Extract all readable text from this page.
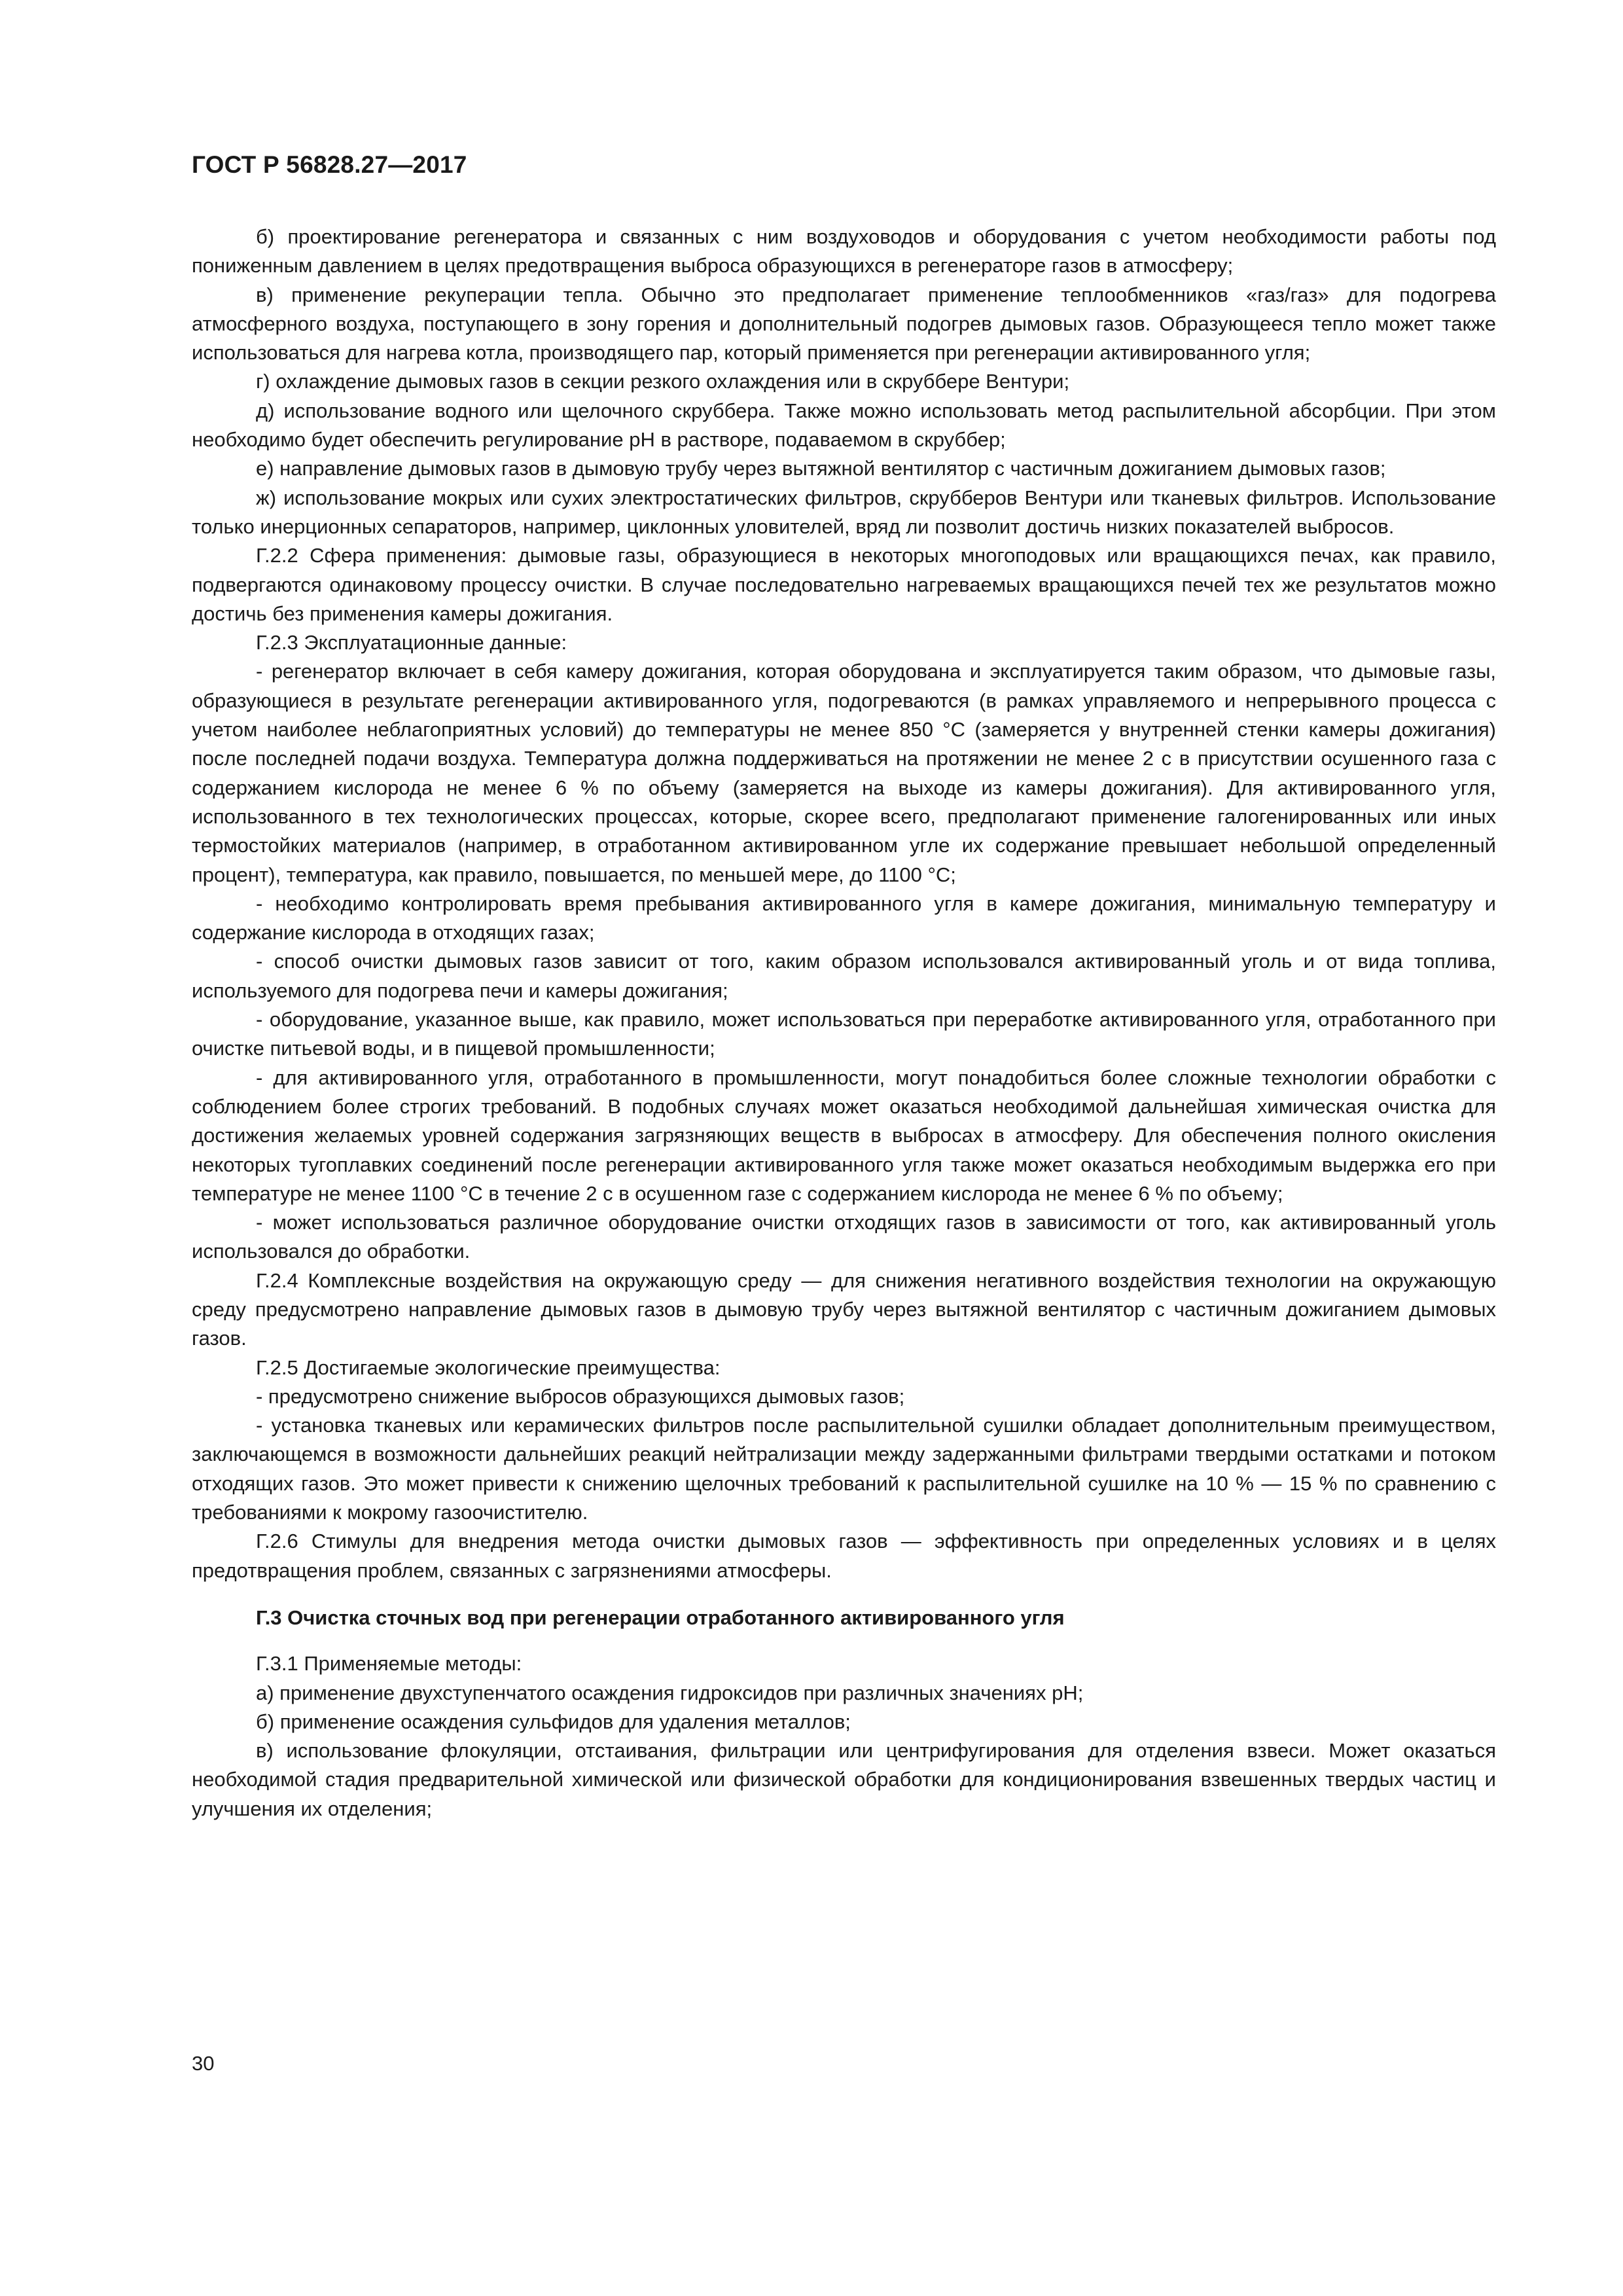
ГОСТ Р 56828.27—2017

б) проектирование регенератора и связанных с ним воздуховодов и оборудования с учетом необходимости работы под пониженным давлением в целях предотвращения выброса образующихся в регенераторе газов в атмосферу;

в) применение рекуперации тепла. Обычно это предполагает применение теплообменников «газ/газ» для подогрева атмосферного воздуха, поступающего в зону горения и дополнительный подогрев дымовых газов. Образующееся тепло может также использоваться для нагрева котла, производящего пар, который применяется при регенерации активированного угля;

г) охлаждение дымовых газов в секции резкого охлаждения или в скруббере Вентури;

д) использование водного или щелочного скруббера. Также можно использовать метод распылительной абсорбции. При этом необходимо будет обеспечить регулирование pH в растворе, подаваемом в скруббер;

е) направление дымовых газов в дымовую трубу через вытяжной вентилятор с частичным дожиганием дымовых газов;

ж) использование мокрых или сухих электростатических фильтров, скрубберов Вентури или тканевых фильтров. Использование только инерционных сепараторов, например, циклонных уловителей, вряд ли позволит достичь низких показателей выбросов.

Г.2.2 Сфера применения: дымовые газы, образующиеся в некоторых многоподовых или вращающихся печах, как правило, подвергаются одинаковому процессу очистки. В случае последовательно нагреваемых вращающихся печей тех же результатов можно достичь без применения камеры дожигания.

Г.2.3 Эксплуатационные данные:

- регенератор включает в себя камеру дожигания, которая оборудована и эксплуатируется таким образом, что дымовые газы, образующиеся в результате регенерации активированного угля, подогреваются (в рамках управляемого и непрерывного процесса с учетом наиболее неблагоприятных условий) до температуры не менее 850 °С (замеряется у внутренней стенки камеры дожигания) после последней подачи воздуха. Температура должна поддерживаться на протяжении не менее 2 с в присутствии осушенного газа с содержанием кислорода не менее 6 % по объему (замеряется на выходе из камеры дожигания). Для активированного угля, использованного в тех технологических процессах, которые, скорее всего, предполагают применение галогенированных или иных термостойких материалов (например, в отработанном активированном угле их содержание превышает небольшой определенный процент), температура, как правило, повышается, по меньшей мере, до 1100 °С;

- необходимо контролировать время пребывания активированного угля в камере дожигания, минимальную температуру и содержание кислорода в отходящих газах;

- способ очистки дымовых газов зависит от того, каким образом использовался активированный уголь и от вида топлива, используемого для подогрева печи и камеры дожигания;

- оборудование, указанное выше, как правило, может использоваться при переработке активированного угля, отработанного при очистке питьевой воды, и в пищевой промышленности;

- для активированного угля, отработанного в промышленности, могут понадобиться более сложные технологии обработки с соблюдением более строгих требований. В подобных случаях может оказаться необходимой дальнейшая химическая очистка для достижения желаемых уровней содержания загрязняющих веществ в выбросах в атмосферу. Для обеспечения полного окисления некоторых тугоплавких соединений после регенерации активированного угля также может оказаться необходимым выдержка его при температуре не менее 1100 °С в течение 2 с в осушенном газе с содержанием кислорода не менее 6 % по объему;

- может использоваться различное оборудование очистки отходящих газов в зависимости от того, как активированный уголь использовался до обработки.

Г.2.4 Комплексные воздействия на окружающую среду — для снижения негативного воздействия технологии на окружающую среду предусмотрено направление дымовых газов в дымовую трубу через вытяжной вентилятор с частичным дожиганием дымовых газов.

Г.2.5 Достигаемые экологические преимущества:

- предусмотрено снижение выбросов образующихся дымовых газов;

- установка тканевых или керамических фильтров после распылительной сушилки обладает дополнительным преимуществом, заключающемся в возможности дальнейших реакций нейтрализации между задержанными фильтрами твердыми остатками и потоком отходящих газов. Это может привести к снижению щелочных требований к распылительной сушилке на 10 % — 15 % по сравнению с требованиями к мокрому газоочистителю.

Г.2.6 Стимулы для внедрения метода очистки дымовых газов — эффективность при определенных условиях и в целях предотвращения проблем, связанных с загрязнениями атмосферы.

Г.3 Очистка сточных вод при регенерации отработанного активированного угля

Г.3.1 Применяемые методы:

а) применение двухступенчатого осаждения гидроксидов при различных значениях pH;

б) применение осаждения сульфидов для удаления металлов;

в) использование флокуляции, отстаивания, фильтрации или центрифугирования для отделения взвеси. Может оказаться необходимой стадия предварительной химической или физической обработки для кондиционирования взвешенных твердых частиц и улучшения их отделения;

30
